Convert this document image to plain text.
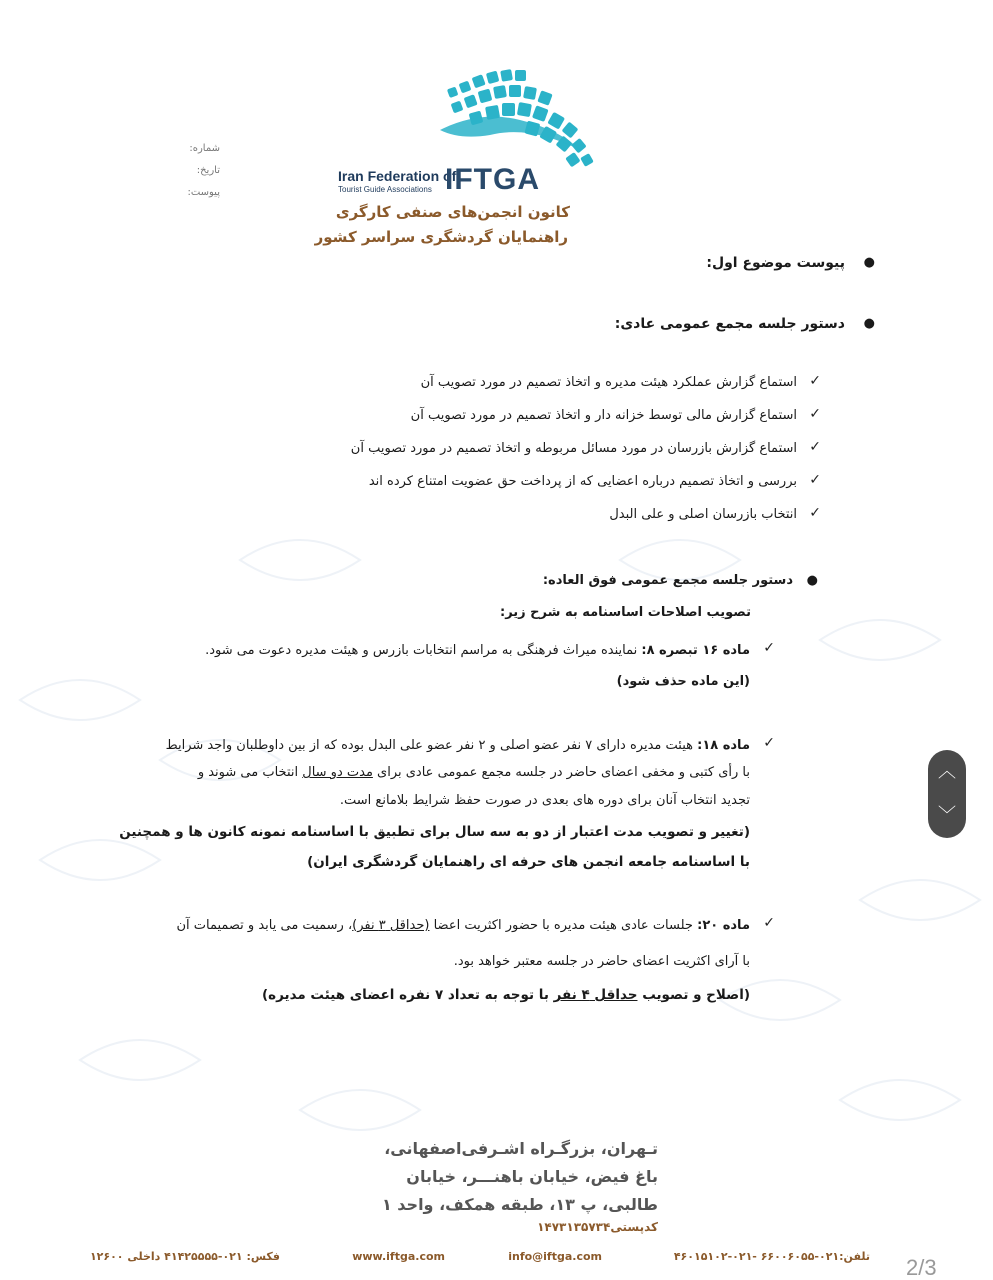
شماره:
تاریخ:
پیوست:
Iran Federation of
Tourist Guide Associations IFTGA
کانون انجمن‌های صنفی کارگری
راهنمایان گردشگری سراسر کشور
●
پیوست موضوع اول:
●
دستور جلسه مجمع عمومی عادی:
✓
استماع گزارش عملکرد هیئت مدیره و اتخاذ تصمیم در مورد تصویب آن
✓
استماع گزارش مالی توسط خزانه دار و اتخاذ تصمیم در مورد تصویب آن
✓
استماع گزارش بازرسان در مورد مسائل مربوطه و اتخاذ تصمیم در مورد تصویب آن
✓
بررسی و اتخاذ تصمیم درباره اعضایی که از پرداخت حق عضویت امتناع کرده اند
✓
انتخاب بازرسان اصلی و علی البدل
●
دستور جلسه مجمع عمومی فوق العاده:
تصویب اصلاحات اساسنامه به شرح زیر:
✓
ماده ۱۶ تبصره ۸: نماینده میراث فرهنگی به مراسم انتخابات بازرس و هیئت مدیره دعوت می شود.
(این ماده حذف شود)
✓
ماده ۱۸: هیئت مدیره دارای ۷ نفر عضو اصلی و ۲ نفر عضو علی البدل بوده که از بین داوطلبان واجد شرایط
با رأی کتبی و مخفی اعضای حاضر در جلسه مجمع عمومی عادی برای مدت دو سال انتخاب می شوند و
تجدید انتخاب آنان برای دوره های بعدی در صورت حفظ شرایط بلامانع است.
(تغییر و تصویب مدت اعتبار از دو به سه سال برای تطبیق با اساسنامه نمونه کانون ها و همچنین
با اساسنامه جامعه انجمن های حرفه ای راهنمایان گردشگری ایران)
✓
ماده ۲۰: جلسات عادی هیئت مدیره با حضور اکثریت اعضا (حداقل ۳ نفر)، رسمیت می یابد و تصمیمات آن
با آرای اکثریت اعضای حاضر در جلسه معتبر خواهد بود.
(اصلاح و تصویب حداقل ۴ نفر با توجه به تعداد ۷ نفره اعضای هیئت مدیره)
︿
﹀
تـهران، بزرگـراه اشـرفی‌اصفهانی،
باغ فیض، خیابان باهنـــر، خیابان
طالبی، پ ۱۳، طبقه همکف، واحد ۱
کدپستی۱۴۷۳۱۳۵۷۳۴
تلفن:۰۲۱-۶۶۰۰۶۰۵۵ -۰۲۱-۴۶۰۱۵۱۰۲
info@iftga.com
www.iftga.com
فکس: ۰۲۱-۴۱۴۲۵۵۵۵ داخلی ۱۲۶۰۰	2/3
